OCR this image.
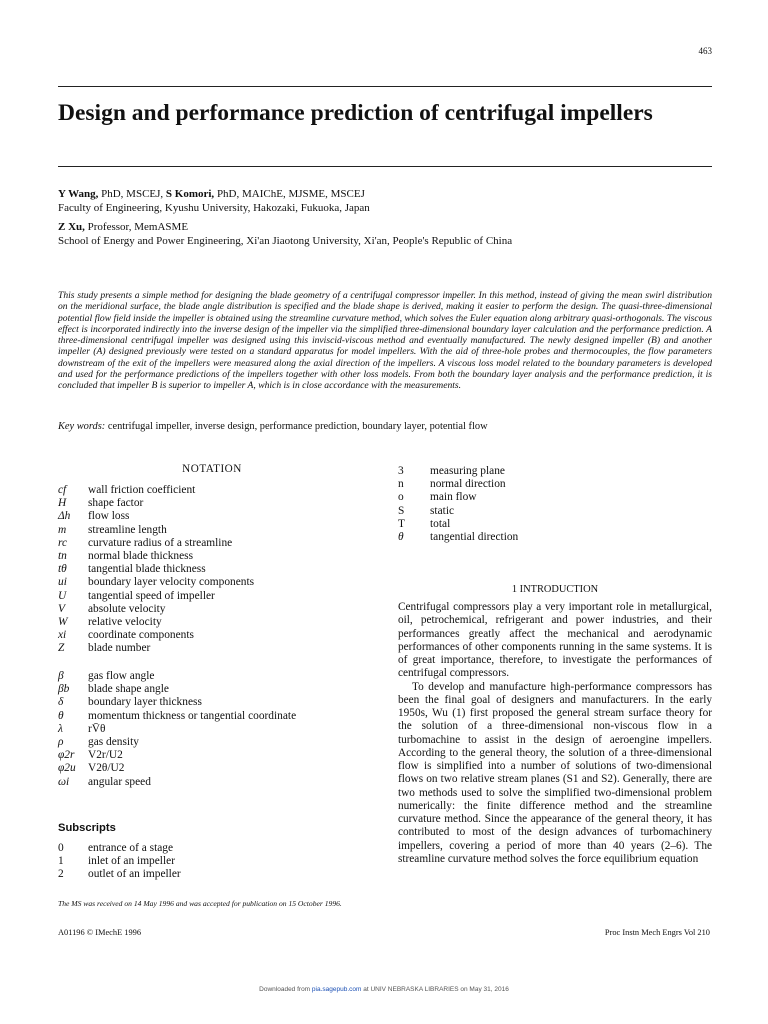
463
Design and performance prediction of centrifugal impellers
Y Wang, PhD, MSCEJ, S Komori, PhD, MAIChE, MJSME, MSCEJ
Faculty of Engineering, Kyushu University, Hakozaki, Fukuoka, Japan
Z Xu, Professor, MemASME
School of Energy and Power Engineering, Xi'an Jiaotong University, Xi'an, People's Republic of China
This study presents a simple method for designing the blade geometry of a centrifugal compressor impeller. In this method, instead of giving the mean swirl distribution on the meridional surface, the blade angle distribution is specified and the blade shape is derived, making it easier to perform the design. The quasi-three-dimensional potential flow field inside the impeller is obtained using the streamline curvature method, which solves the Euler equation along arbitrary quasi-orthogonals. The viscous effect is incorporated indirectly into the inverse design of the impeller via the simplified three-dimensional boundary layer calculation and the performance prediction. A three-dimensional centrifugal impeller was designed using this inviscid-viscous method and eventually manufactured. The newly designed impeller (B) and another impeller (A) designed previously were tested on a standard apparatus for model impellers. With the aid of three-hole probes and thermocouples, the flow parameters downstream of the exit of the impellers were measured along the axial direction of the impellers. A viscous loss model related to the boundary parameters is developed and used for the performance predictions of the impellers together with other loss models. From both the boundary layer analysis and the performance prediction, it is concluded that impeller B is superior to impeller A, which is in close accordance with the measurements.
Key words: centrifugal impeller, inverse design, performance prediction, boundary layer, potential flow
NOTATION
cf	wall friction coefficient
H	shape factor
Δh	flow loss
m	streamline length
rc	curvature radius of a streamline
tn	normal blade thickness
tθ	tangential blade thickness
ui	boundary layer velocity components
U	tangential speed of impeller
V	absolute velocity
W	relative velocity
xi	coordinate components
Z	blade number
β	gas flow angle
βb	blade shape angle
δ	boundary layer thickness
θ	momentum thickness or tangential coordinate
λ	rV̄θ
ρ	gas density
φ2r	V2r/U2
φ2u	V2θ/U2
ωi	angular speed
Subscripts
0	entrance of a stage
1	inlet of an impeller
2	outlet of an impeller
The MS was received on 14 May 1996 and was accepted for publication on 15 October 1996.
A01196 © IMechE 1996
3	measuring plane
n	normal direction
o	main flow
S	static
T	total
θ	tangential direction
1 INTRODUCTION

Centrifugal compressors play a very important role in metallurgical, oil, petrochemical, refrigerant and power industries, and their performances greatly affect the mechanical and aerodynamic performances of other components running in the same systems. It is of great importance, therefore, to investigate the performances of centrifugal compressors.

To develop and manufacture high-performance compressors has been the final goal of designers and manufacturers. In the early 1950s, Wu (1) first proposed the general stream surface theory for the solution of a three-dimensional non-viscous flow in a turbomachine to assist in the design of aeroengine impellers. According to the general theory, the solution of a three-dimensional flow is simplified into a number of solutions of two-dimensional flows on two relative stream planes (S1 and S2). Generally, there are two methods used to solve the simplified two-dimensional problem numerically: the finite difference method and the streamline curvature method. Since the appearance of the general theory, it has contributed to most of the design advances of turbomachinery impellers, covering a period of more than 40 years (2–6). The streamline curvature method solves the force equilibrium equation

Proc Instn Mech Engrs Vol 210
Downloaded from pia.sagepub.com at UNIV NEBRASKA LIBRARIES on May 31, 2016
